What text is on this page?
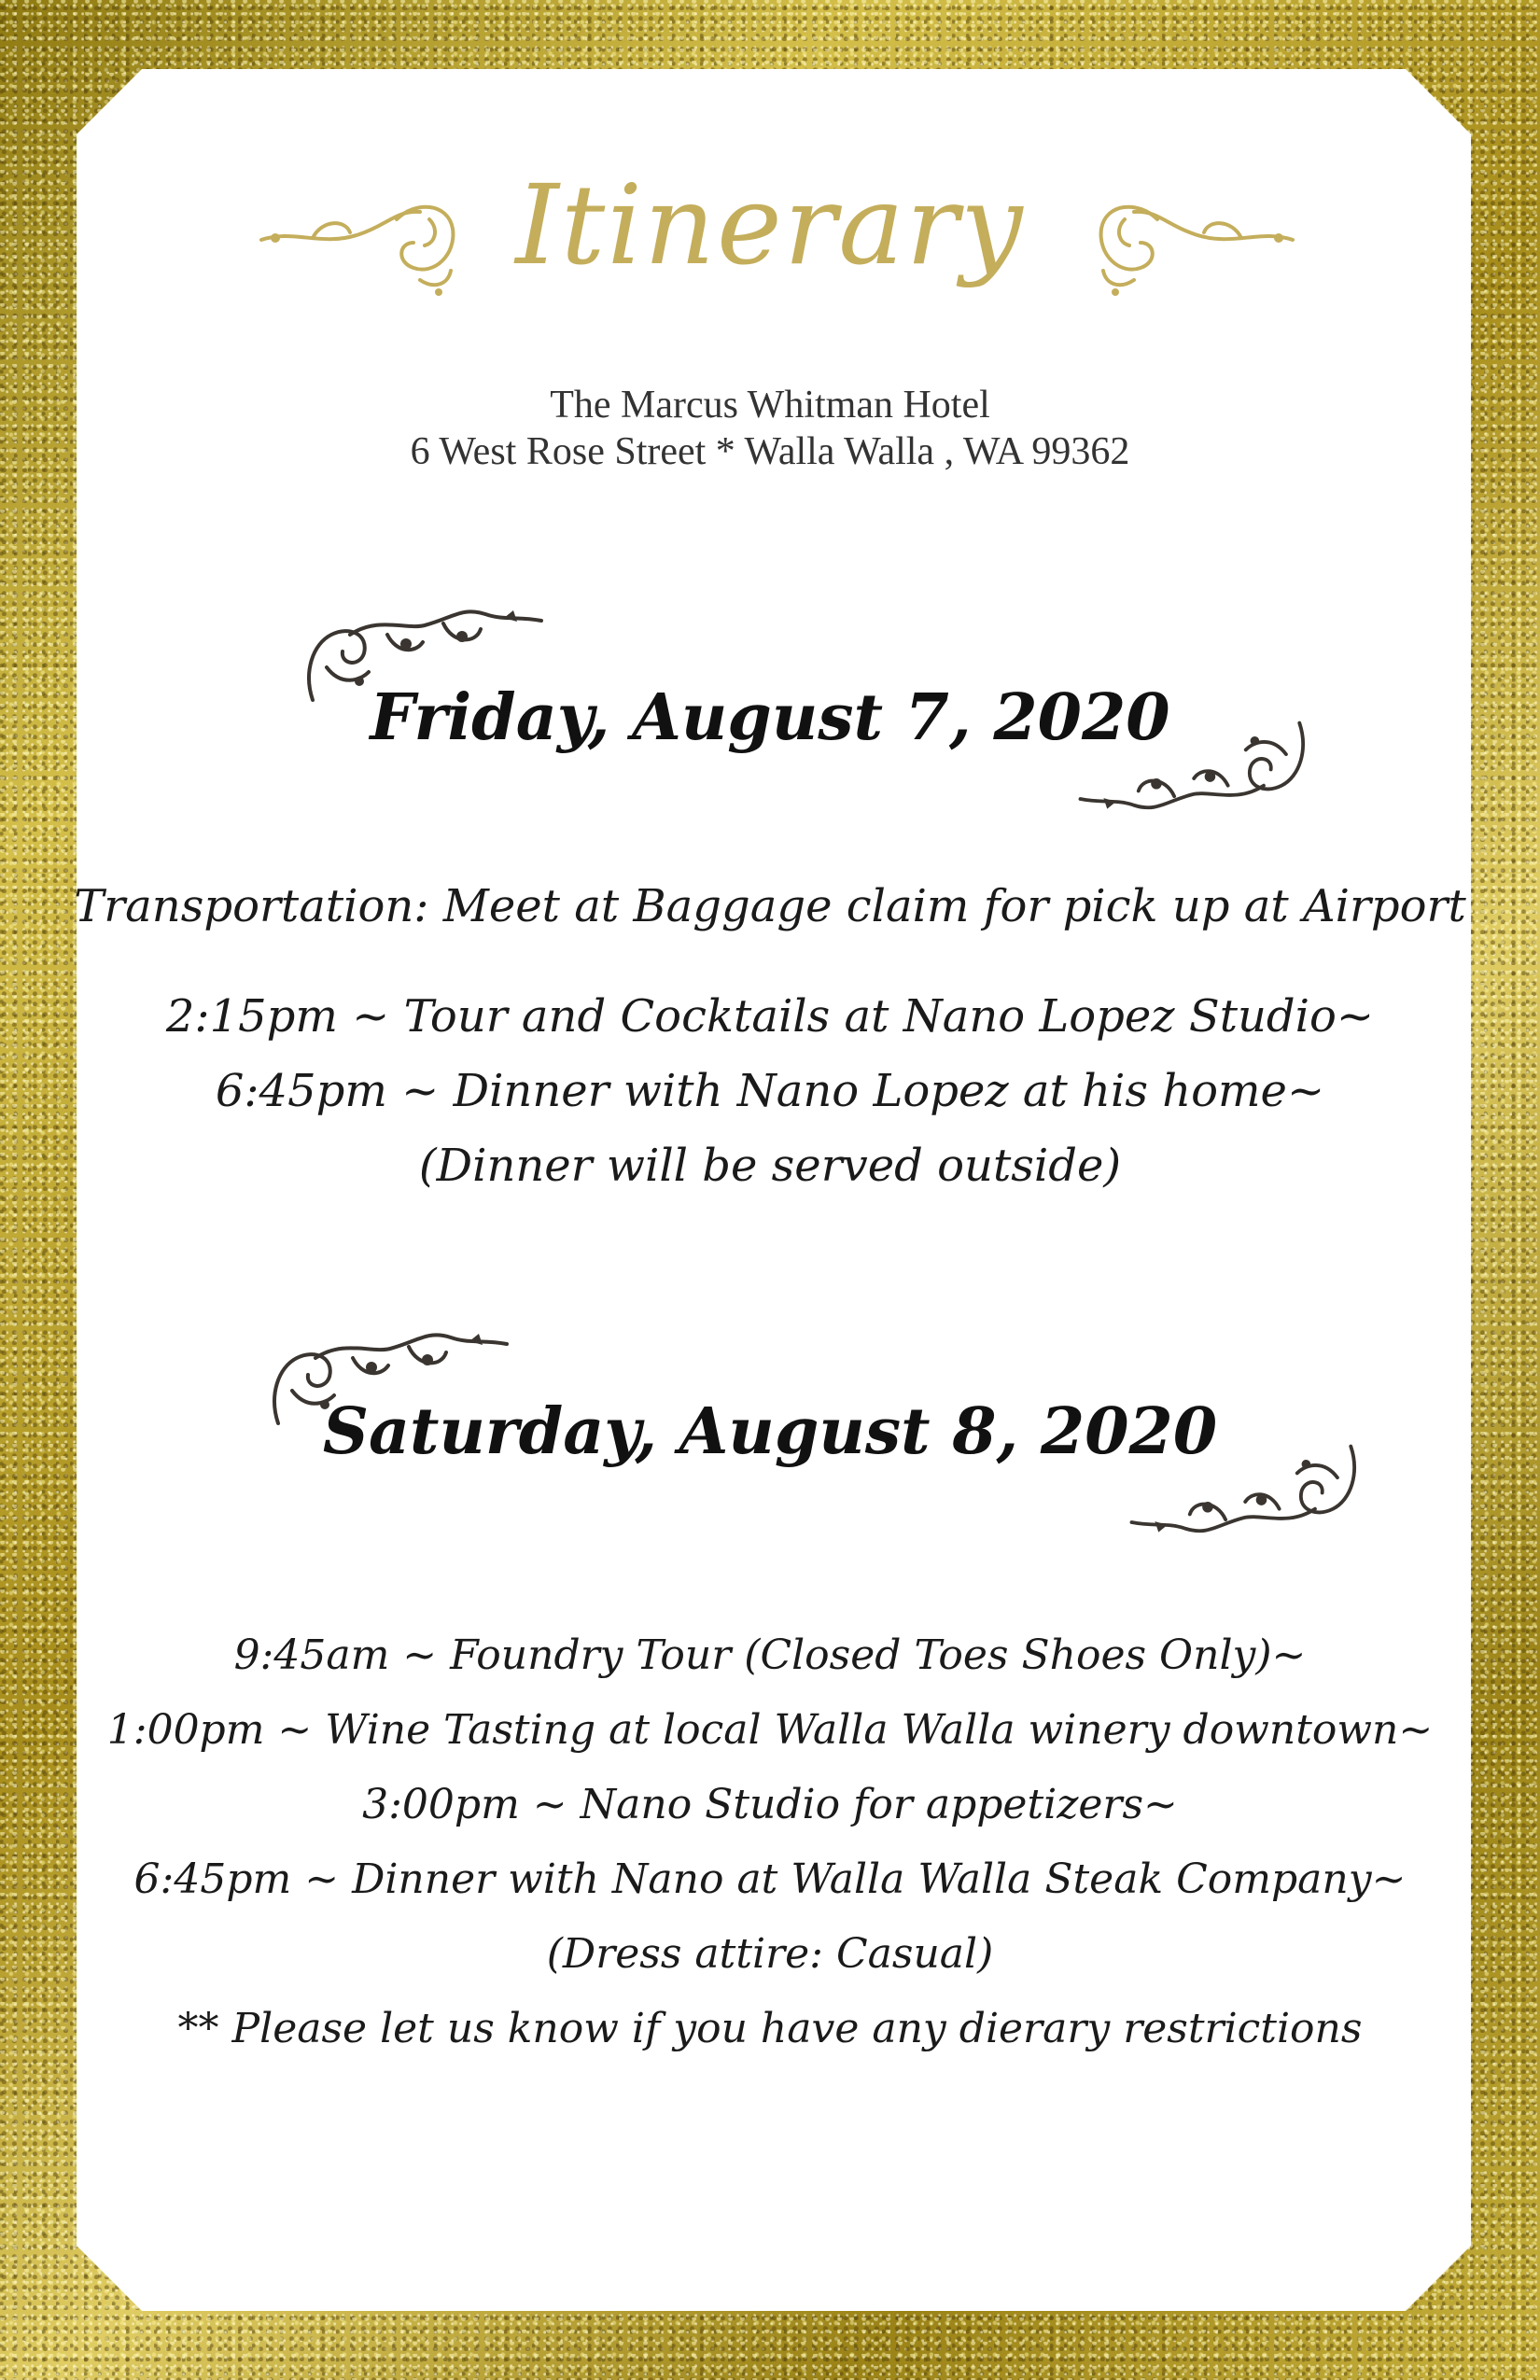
Itinerary
The Marcus Whitman Hotel
6 West Rose Street * Walla Walla , WA 99362
Friday, August 7, 2020
Transportation: Meet at Baggage claim for pick up at Airport
2:15pm ~ Tour and Cocktails at Nano Lopez Studio~
6:45pm ~ Dinner with Nano Lopez at his home~
(Dinner will be served outside)
Saturday, August 8, 2020
9:45am ~ Foundry Tour (Closed Toes Shoes Only)~
1:00pm ~ Wine Tasting at local Walla Walla winery downtown~
3:00pm ~ Nano Studio for appetizers~
6:45pm ~ Dinner with Nano at Walla Walla Steak Company~
(Dress attire: Casual)
** Please let us know if you have any dierary restrictions
